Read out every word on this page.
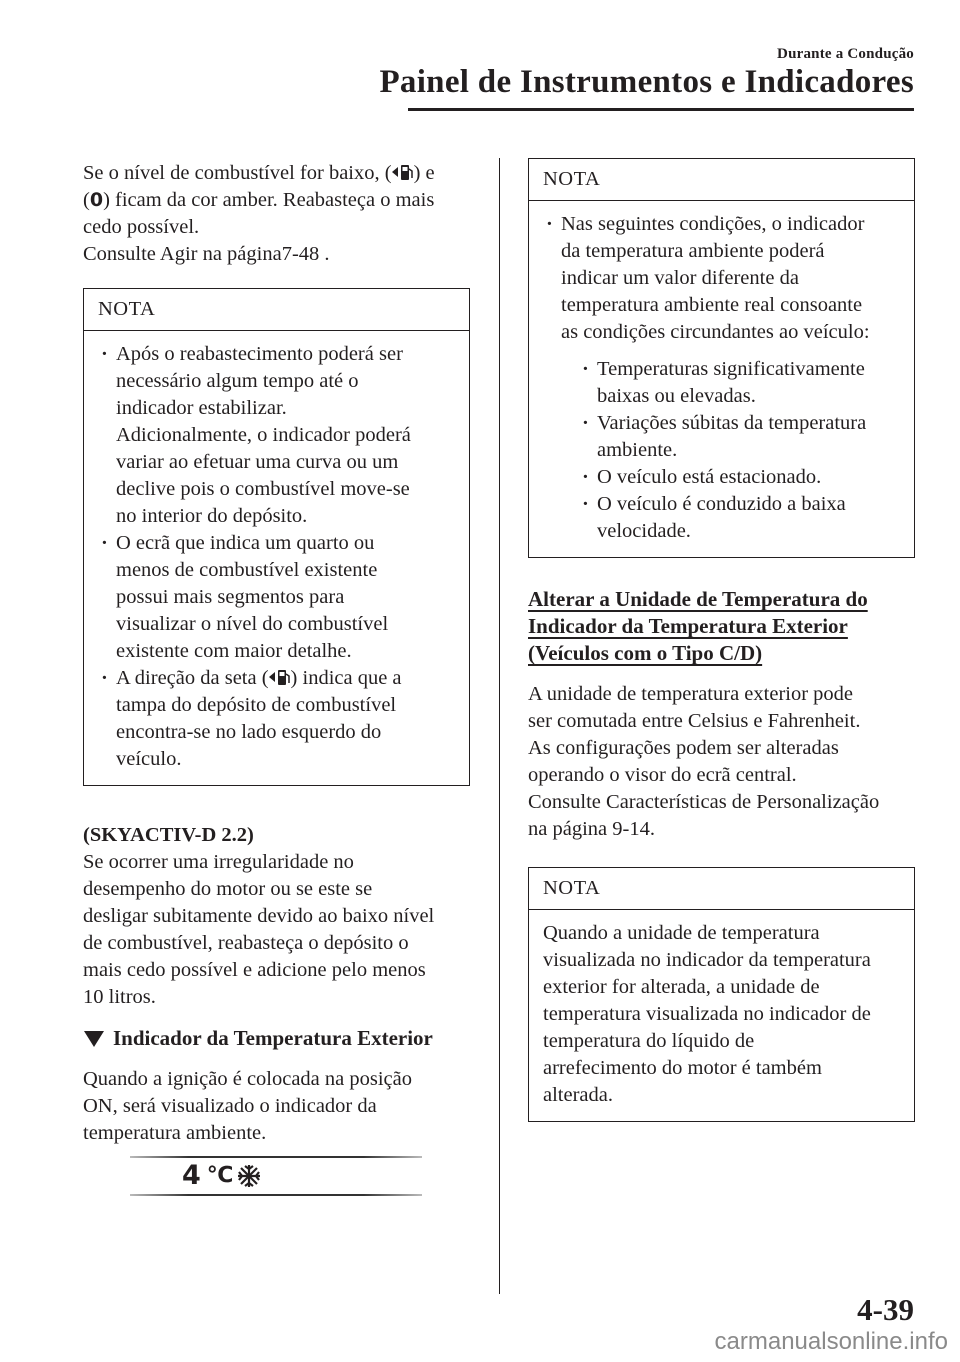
Durante a Condução
Painel de Instrumentos e Indicadores

Se o nível de combustível for baixo, ( ) e
(0) ficam da cor amber. Reabasteça o mais
cedo possível.
Consulte Agir na página7-48 .

NOTA
· Após o reabastecimento poderá ser
necessário algum tempo até o
indicador estabilizar.
Adicionalmente, o indicador poderá
variar ao efetuar uma curva ou um
declive pois o combustível move-se
no interior do depósito.
· O ecrã que indica um quarto ou
menos de combustível existente
possui mais segmentos para
visualizar o nível do combustível
existente com maior detalhe.
· A direção da seta ( ) indica que a
tampa do depósito de combustível
encontra-se no lado esquerdo do
veículo.

(SKYACTIV-D 2.2)

Se ocorrer uma irregularidade no
desempenho do motor ou se este se
desligar subitamente devido ao baixo nível
de combustível, reabasteça o depósito o
mais cedo possível e adicione pelo menos
10 litros.

Indicador da Temperatura Exterior

Quando a ignição é colocada na posição
ON, será visualizado o indicador da
temperatura ambiente.

4 ℃
NOTA
· Nas seguintes condições, o indicador
da temperatura ambiente poderá
indicar um valor diferente da
temperatura ambiente real consoante
as condições circundantes ao veículo:
· Temperaturas significativamente
baixas ou elevadas.
· Variações súbitas da temperatura
ambiente.
· O veículo está estacionado.
· O veículo é conduzido a baixa
velocidade.
Alterar a Unidade de Temperatura do
Indicador da Temperatura Exterior
(Veículos com o Tipo C/D)

A unidade de temperatura exterior pode
ser comutada entre Celsius e Fahrenheit.
As configurações podem ser alteradas
operando o visor do ecrã central.
Consulte Características de Personalização
na página 9-14.

NOTA

Quando a unidade de temperatura
visualizada no indicador da temperatura
exterior for alterada, a unidade de
temperatura visualizada no indicador de
temperatura do líquido de
arrefecimento do motor é também
alterada.

4-39
carmanualsonline.info
